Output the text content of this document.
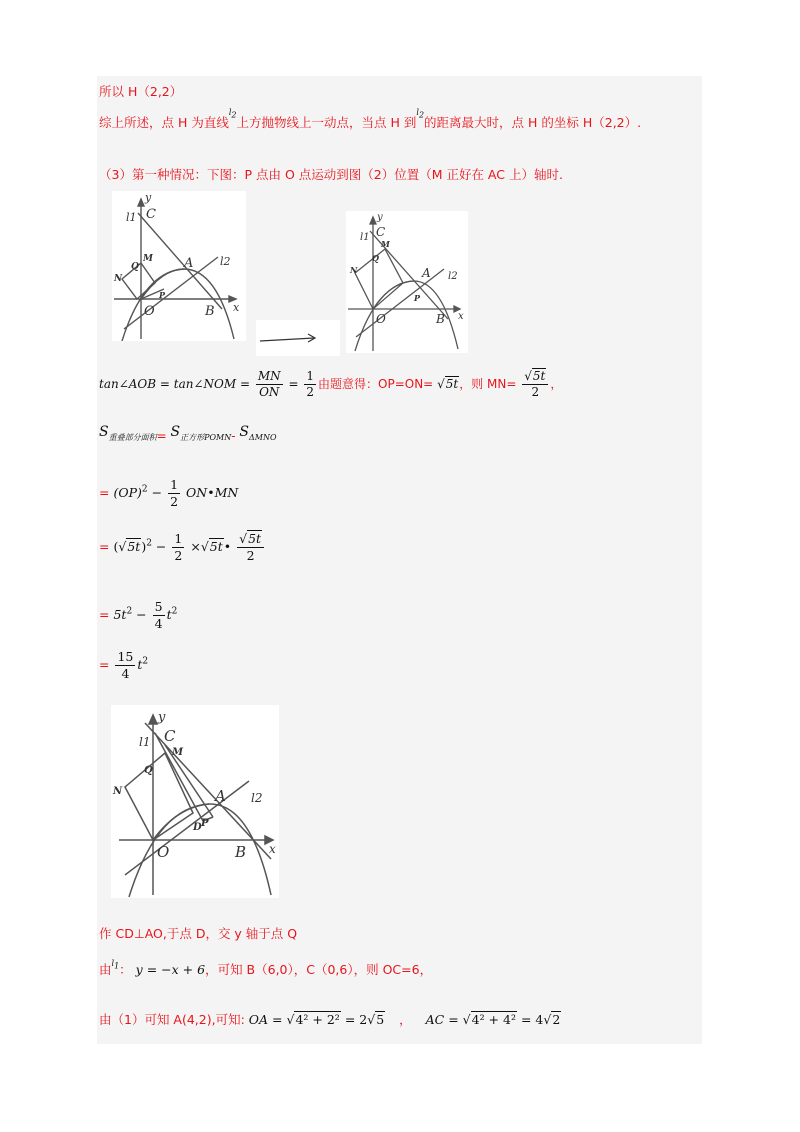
所以 H（2,2）
综上所述，点 H 为直线$^{l2}$上方抛物线上一动点，当点 H 到$^{l2}$的距离最大时，点 H 的坐标 H（2,2）.
（3）第一种情况：下图：P 点由 O 点运动到图（2）位置（M 正好在 AC 上）轴时.
y
C
l1
A l2
M
N
Q
P
O	B x
y
C
l1
M
N
Q
A l2
P
O	B x
tan∠AOB = tan∠NOM = $\frac{MN}{ON} = \frac{1}{2}$ 由题意得：OP=ON= √5t，则 $MN= \frac{√5t}{2}$ ，
$S_{重叠部分面积}= S_{正方形POMN}-$ $S_{\Delta MNO}$
= $(OP)^2 - \frac{1}{2}$ ON•MN
= $(√5t)^2 - \frac{1}{2}$ ×√5t• $\frac{√5t}{2}$
= $5t^2 - \frac{5}{4} t^2$
= $\frac{15}{4} t^2$
y
C
l1
M
N
Q
A l2
D P
O	B x
作 CD⊥AO,于点 D，交 y 轴于点 Q
由$^{l1}$： y = −x + 6，可知 B（6,0），C（0,6），则 OC=6，
由（1）可知 A(4,2),可知: OA = √4² + 2² = 2√5 ， AC = √4² + 4² = 4√2
